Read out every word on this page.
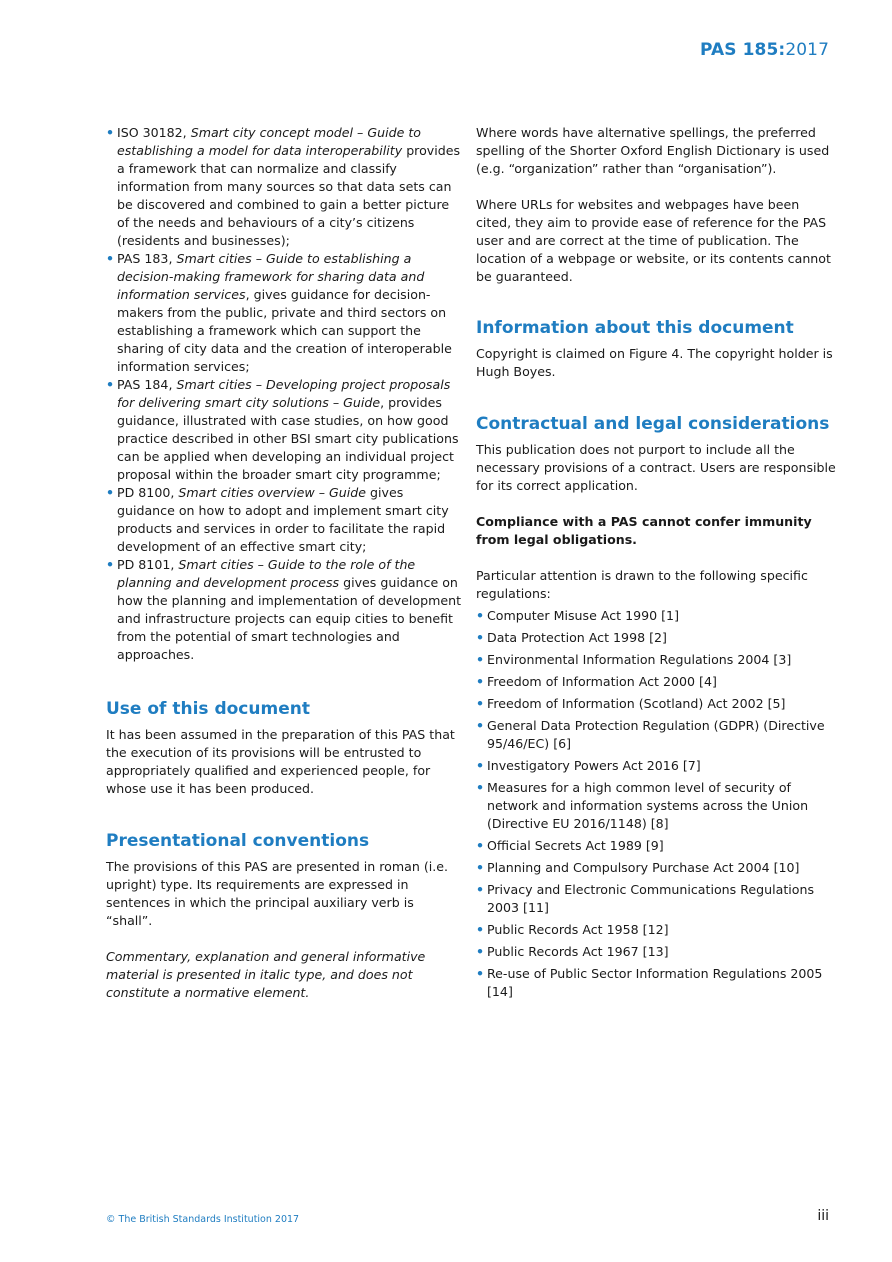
PAS 185:2017
• ISO 30182, Smart city concept model – Guide to establishing a model for data interoperability provides a framework that can normalize and classify information from many sources so that data sets can be discovered and combined to gain a better picture of the needs and behaviours of a city’s citizens (residents and businesses);
• PAS 183, Smart cities – Guide to establishing a decision-making framework for sharing data and information services, gives guidance for decision-makers from the public, private and third sectors on establishing a framework which can support the sharing of city data and the creation of interoperable information services;
• PAS 184, Smart cities – Developing project proposals for delivering smart city solutions – Guide, provides guidance, illustrated with case studies, on how good practice described in other BSI smart city publications can be applied when developing an individual project proposal within the broader smart city programme;
• PD 8100, Smart cities overview – Guide gives guidance on how to adopt and implement smart city products and services in order to facilitate the rapid development of an effective smart city;
• PD 8101, Smart cities – Guide to the role of the planning and development process gives guidance on how the planning and implementation of development and infrastructure projects can equip cities to benefit from the potential of smart technologies and approaches.
Use of this document

It has been assumed in the preparation of this PAS that the execution of its provisions will be entrusted to appropriately qualified and experienced people, for whose use it has been produced.

Presentational conventions

The provisions of this PAS are presented in roman (i.e. upright) type. Its requirements are expressed in sentences in which the principal auxiliary verb is “shall”.

Commentary, explanation and general informative material is presented in italic type, and does not constitute a normative element.

Where words have alternative spellings, the preferred spelling of the Shorter Oxford English Dictionary is used (e.g. “organization” rather than “organisation”).

Where URLs for websites and webpages have been cited, they aim to provide ease of reference for the PAS user and are correct at the time of publication. The location of a webpage or website, or its contents cannot be guaranteed.

Information about this document

Copyright is claimed on Figure 4. The copyright holder is Hugh Boyes.

Contractual and legal considerations

This publication does not purport to include all the necessary provisions of a contract. Users are responsible for its correct application.

Compliance with a PAS cannot confer immunity from legal obligations.

Particular attention is drawn to the following specific regulations:

• Computer Misuse Act 1990 [1]
• Data Protection Act 1998 [2]
• Environmental Information Regulations 2004 [3]
• Freedom of Information Act 2000 [4]
• Freedom of Information (Scotland) Act 2002 [5]
• General Data Protection Regulation (GDPR) (Directive 95/46/EC) [6]
• Investigatory Powers Act 2016 [7]
• Measures for a high common level of security of network and information systems across the Union (Directive EU 2016/1148) [8]
• Official Secrets Act 1989 [9]
• Planning and Compulsory Purchase Act 2004 [10]
• Privacy and Electronic Communications Regulations 2003 [11]
• Public Records Act 1958 [12]
• Public Records Act 1967 [13]
• Re-use of Public Sector Information Regulations 2005 [14]
© The British Standards Institution 2017	iii
